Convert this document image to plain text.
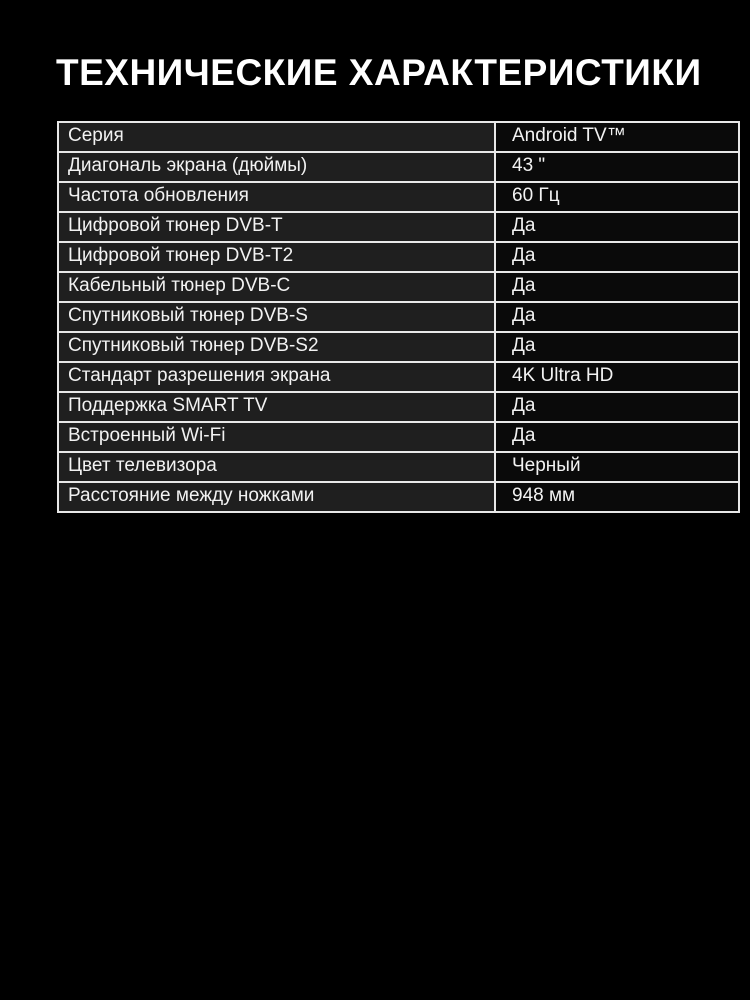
ТЕХНИЧЕСКИЕ ХАРАКТЕРИСТИКИ
Серия	Android TV™
Диагональ экрана (дюймы)	43 "
Частота обновления	60 Гц
Цифровой тюнер DVB-T	Да
Цифровой тюнер DVB-T2	Да
Кабельный тюнер DVB-C	Да
Спутниковый тюнер DVB-S	Да
Спутниковый тюнер DVB-S2	Да
Стандарт разрешения экрана	4K Ultra HD
Поддержка SMART TV	Да
Встроенный Wi-Fi	Да
Цвет телевизора	Черный
Расстояние между ножками	948 мм
